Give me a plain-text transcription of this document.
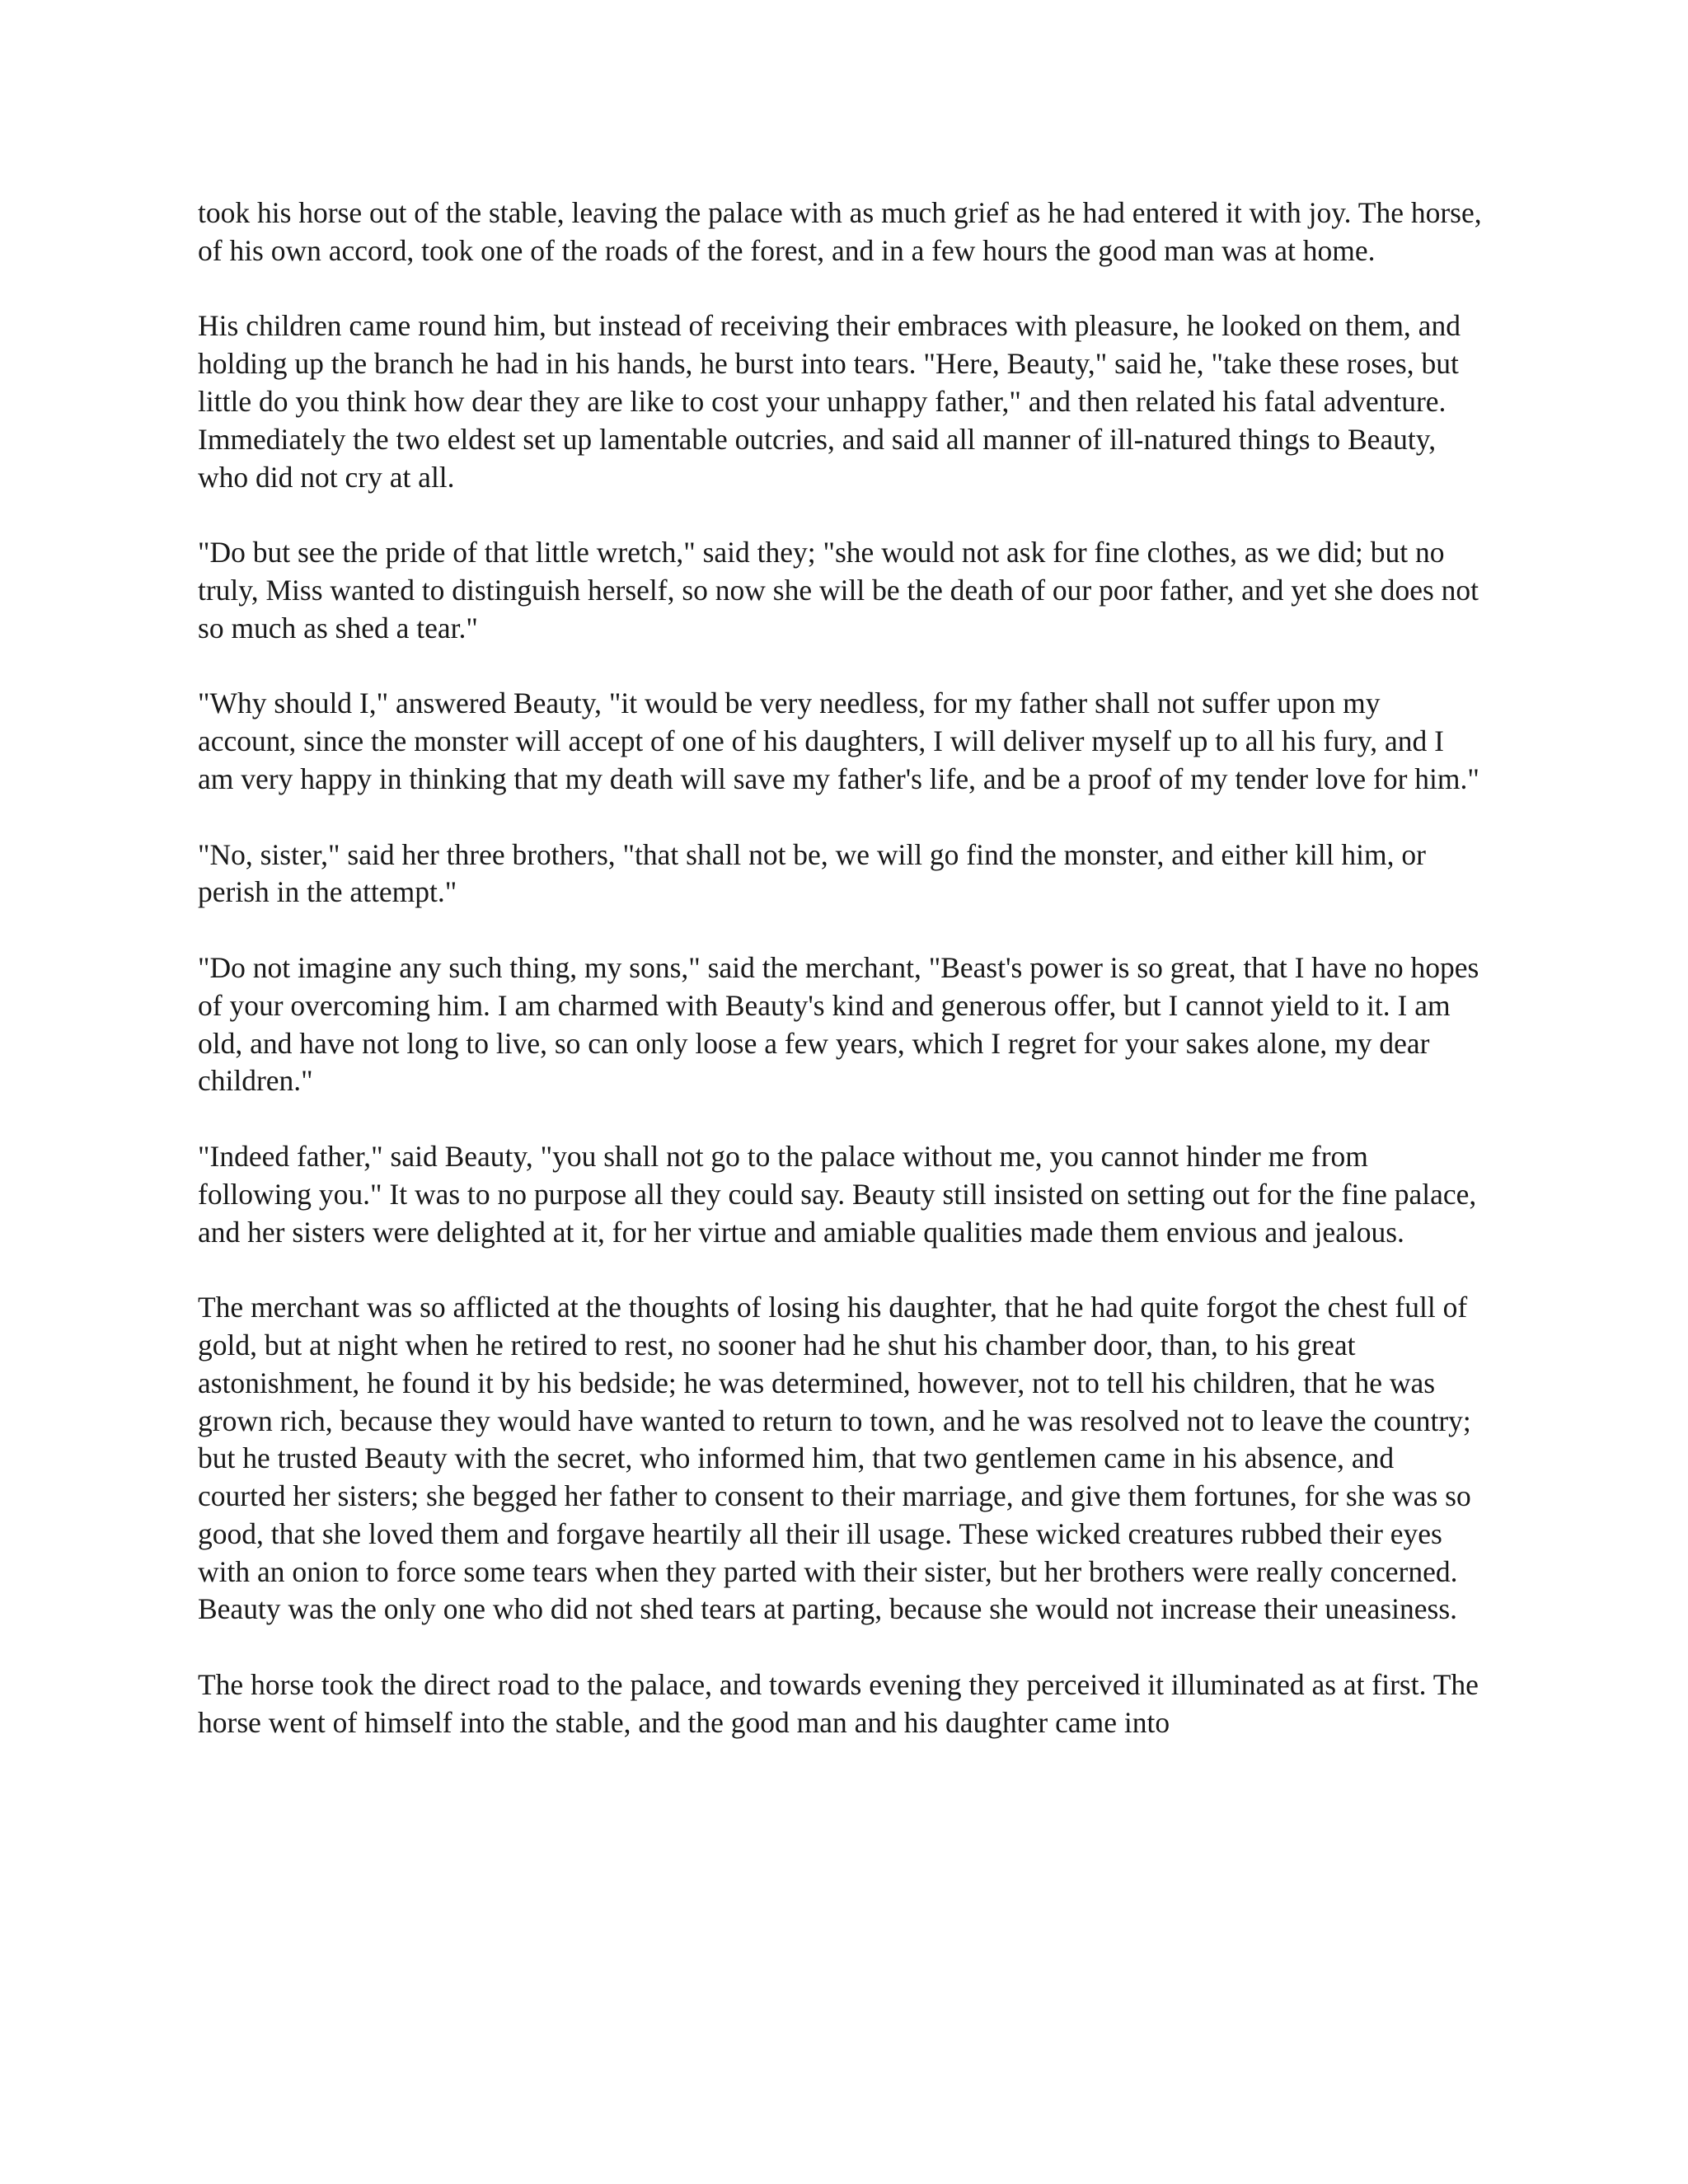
took his horse out of the stable, leaving the palace with as much grief as he had entered it with joy. The horse, of his own accord, took one of the roads of the forest, and in a few hours the good man was at home.

His children came round him, but instead of receiving their embraces with pleasure, he looked on them, and holding up the branch he had in his hands, he burst into tears. "Here, Beauty," said he, "take these roses, but little do you think how dear they are like to cost your unhappy father," and then related his fatal adventure. Immediately the two eldest set up lamentable outcries, and said all manner of ill-natured things to Beauty, who did not cry at all.

"Do but see the pride of that little wretch," said they; "she would not ask for fine clothes, as we did; but no truly, Miss wanted to distinguish herself, so now she will be the death of our poor father, and yet she does not so much as shed a tear."

"Why should I," answered Beauty, "it would be very needless, for my father shall not suffer upon my account, since the monster will accept of one of his daughters, I will deliver myself up to all his fury, and I am very happy in thinking that my death will save my father's life, and be a proof of my tender love for him."

"No, sister," said her three brothers, "that shall not be, we will go find the monster, and either kill him, or perish in the attempt."

"Do not imagine any such thing, my sons," said the merchant, "Beast's power is so great, that I have no hopes of your overcoming him. I am charmed with Beauty's kind and generous offer, but I cannot yield to it. I am old, and have not long to live, so can only loose a few years, which I regret for your sakes alone, my dear children."

"Indeed father," said Beauty, "you shall not go to the palace without me, you cannot hinder me from following you." It was to no purpose all they could say. Beauty still insisted on setting out for the fine palace, and her sisters were delighted at it, for her virtue and amiable qualities made them envious and jealous.

The merchant was so afflicted at the thoughts of losing his daughter, that he had quite forgot the chest full of gold, but at night when he retired to rest, no sooner had he shut his chamber door, than, to his great astonishment, he found it by his bedside; he was determined, however, not to tell his children, that he was grown rich, because they would have wanted to return to town, and he was resolved not to leave the country; but he trusted Beauty with the secret, who informed him, that two gentlemen came in his absence, and courted her sisters; she begged her father to consent to their marriage, and give them fortunes, for she was so good, that she loved them and forgave heartily all their ill usage. These wicked creatures rubbed their eyes with an onion to force some tears when they parted with their sister, but her brothers were really concerned. Beauty was the only one who did not shed tears at parting, because she would not increase their uneasiness.

The horse took the direct road to the palace, and towards evening they perceived it illuminated as at first. The horse went of himself into the stable, and the good man and his daughter came into
